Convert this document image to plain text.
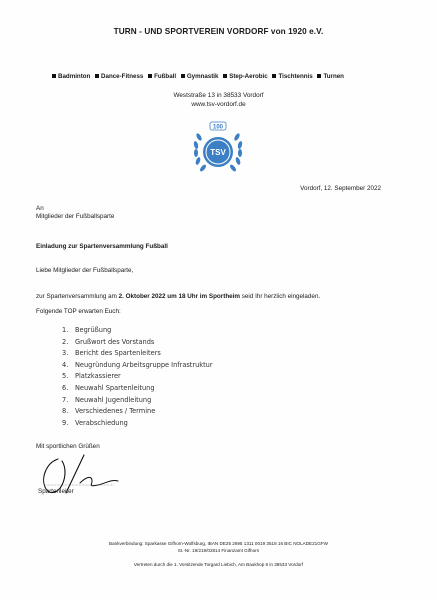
TURN - UND SPORTVEREIN VORDORF von 1920 e.V.
Badminton Dance-Fitness Fußball Gymnastik Step-Aerobic Tischtennis Turnen
Weststraße 13 in 38533 Vordorf
www.tsv-vordorf.de
100
TSV
Vordorf, 12. September 2022
An
Mitglieder der Fußballsparte
Einladung zur Spartenversammlung Fußball
Liebe Mitglieder der Fußballsparte,
zur Spartenversammlung am 2. Oktober 2022 um 18 Uhr im Sportheim seid Ihr herzlich eingeladen.
Folgende TOP erwarten Euch:
1. Begrüßung
2. Grußwort des Vorstands
3. Bericht des Spartenleiters
4. Neugründung Arbeitsgruppe Infrastruktur
5. Platzkassierer
6. Neuwahl Spartenleitung
7. Neuwahl Jugendleitung
8. Verschiedenes / Termine
9. Verabschiedung
Mit sportlichen Grüßen
Spartenleiter
Bankverbindung: Sparkasse Gifhorn-Wolfsburg, IBAN DE25 2695 1311 0019 3518 16 BIC NOLADE21GFW
St.-Nr. 19/219/02814 Finanzamt Gifhorn
Vertreten durch die 1. Vorsitzende Torgard Liebich, Am Baukhop 6 in 38533 Vordorf
